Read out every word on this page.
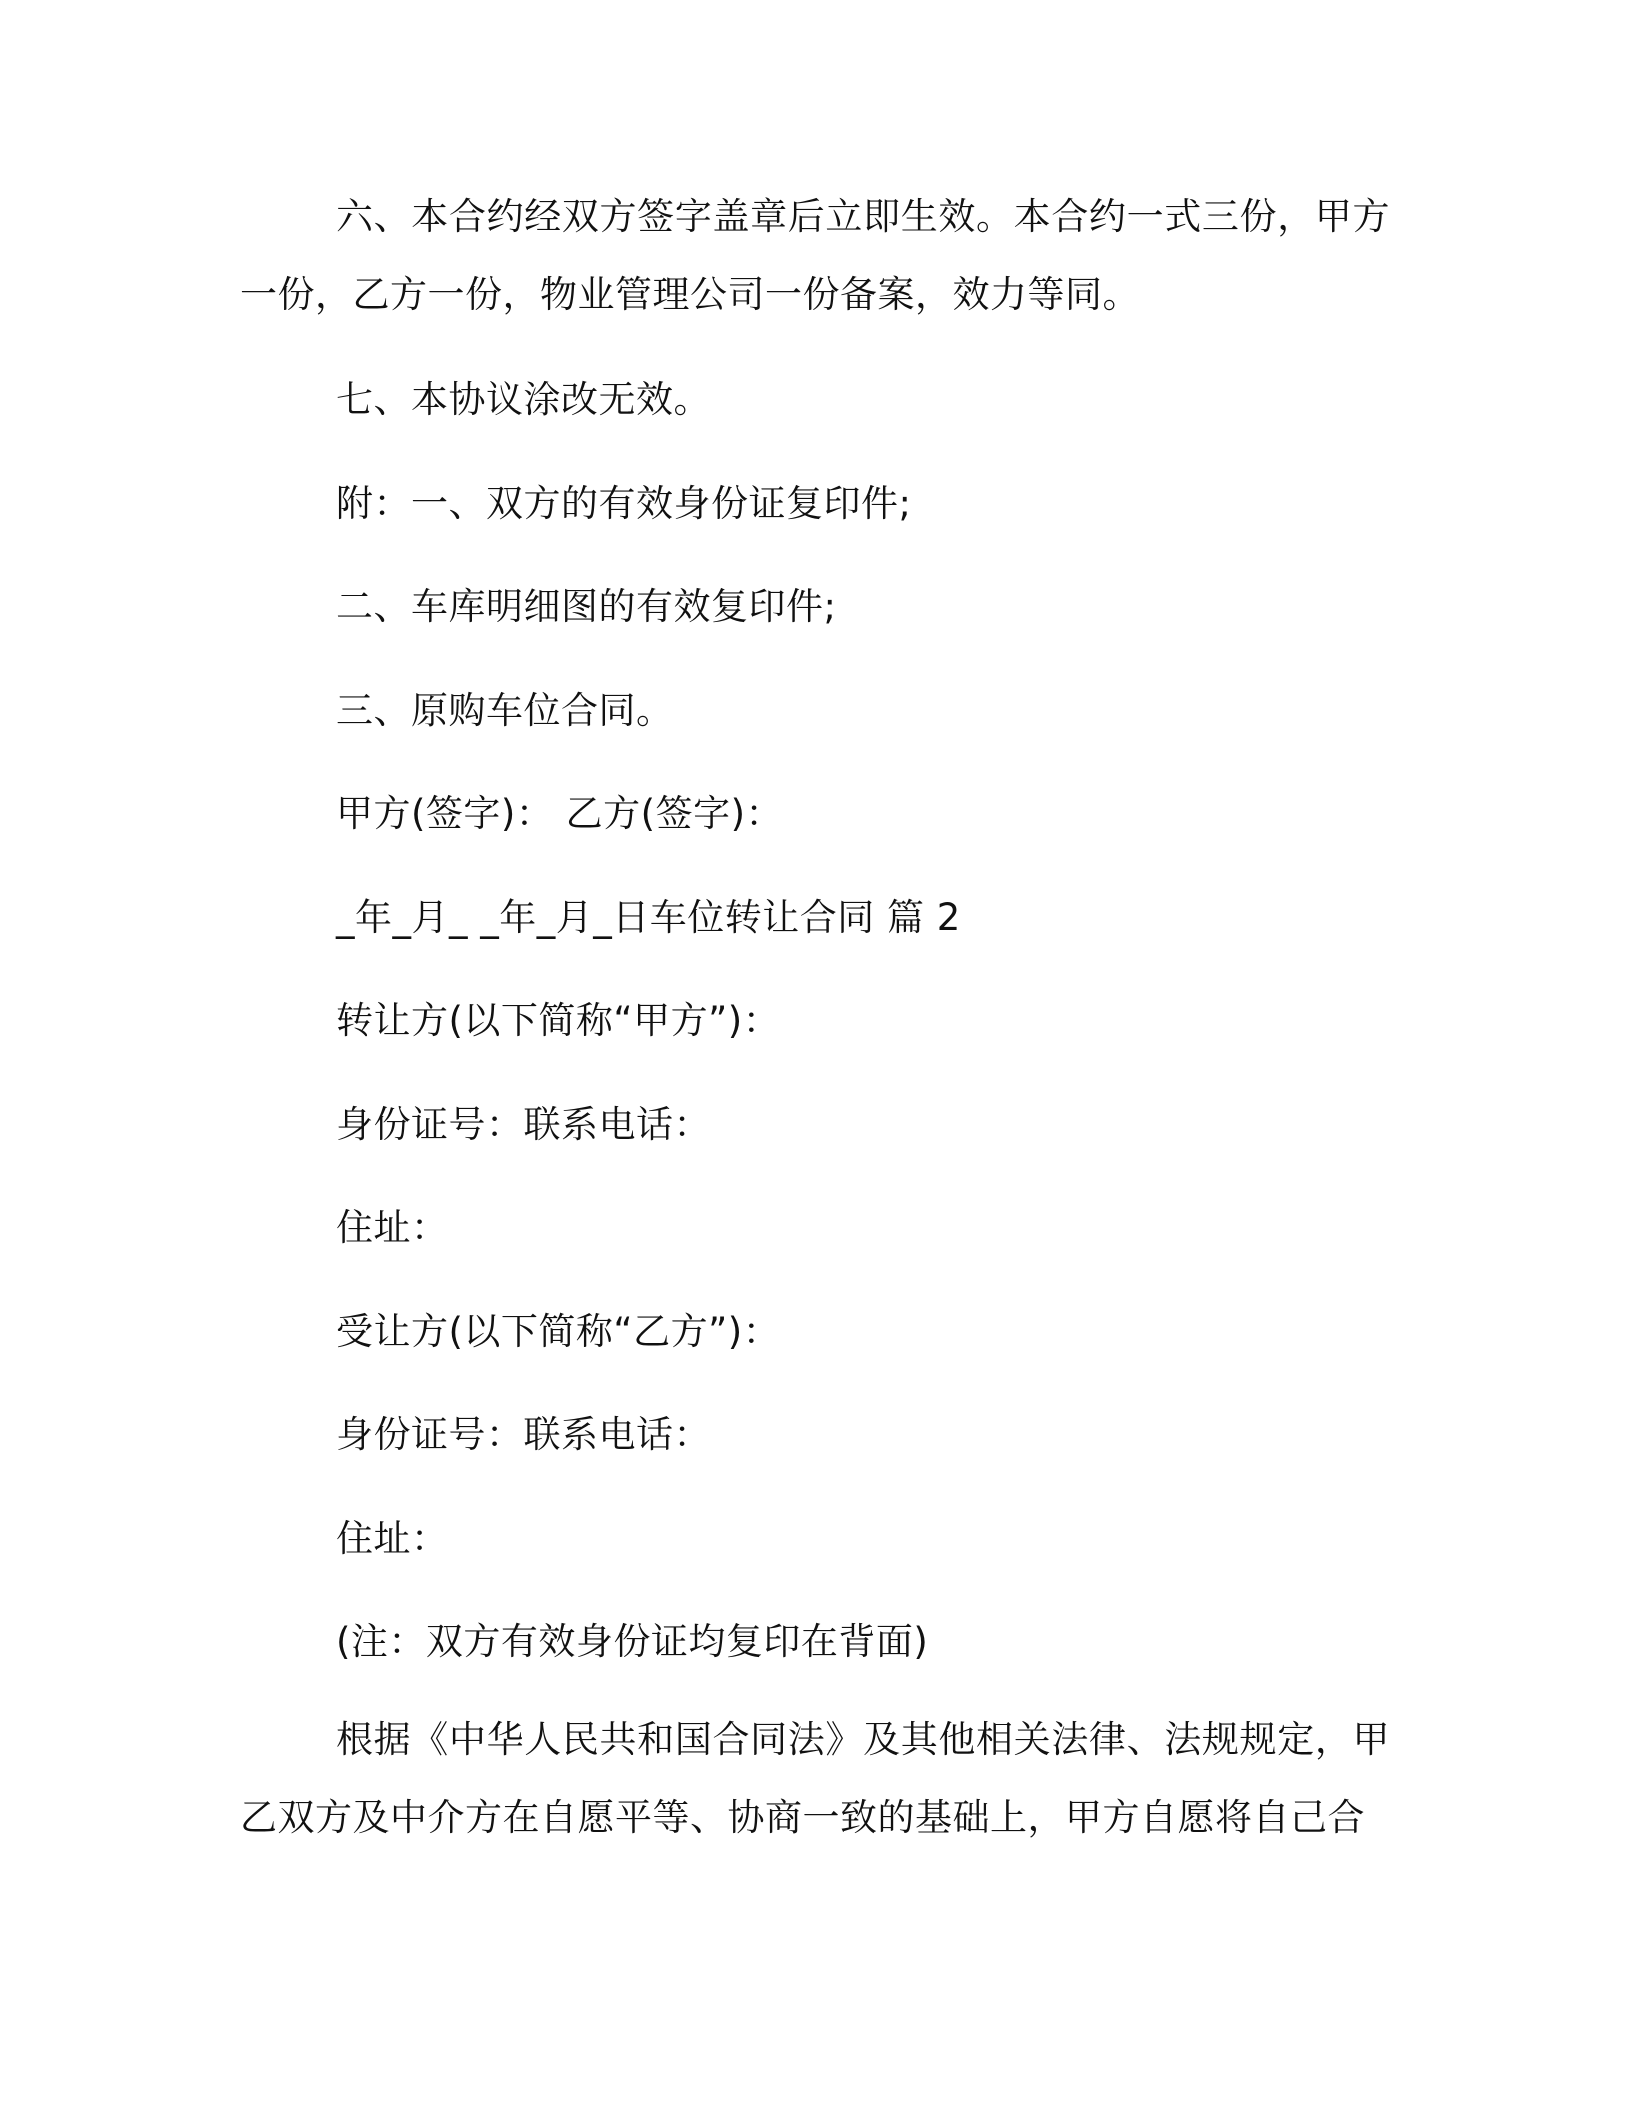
六、本合约经双方签字盖章后立即生效。本合约一式三份，甲方一份，乙方一份，物业管理公司一份备案，效力等同。

七、本协议涂改无效。
附：一、双方的有效身份证复印件;
二、车库明细图的有效复印件;
三、原购车位合同。
甲方(签字)： 乙方(签字)：
_年_月_ _年_月_日车位转让合同 篇 2
转让方(以下简称“甲方”)：
身份证号：联系电话：
住址：
受让方(以下简称“乙方”)：
身份证号：联系电话：
住址：
(注：双方有效身份证均复印在背面)

根据《中华人民共和国合同法》及其他相关法律、法规规定，甲乙双方及中介方在自愿平等、协商一致的基础上，甲方自愿将自己合
